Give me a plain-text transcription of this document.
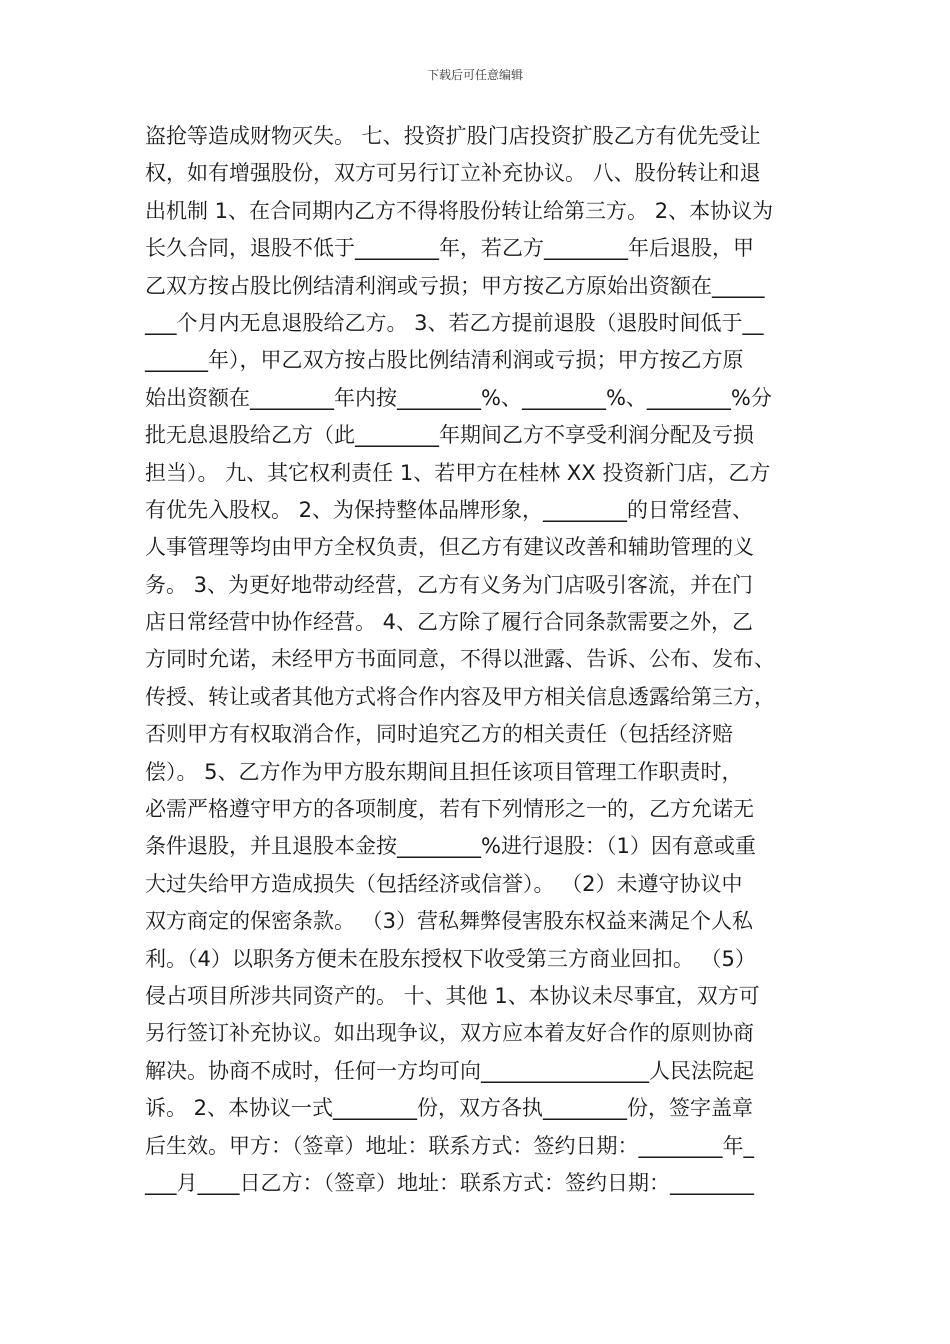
下载后可任意编辑
盗抢等造成财物灭失。 七、投资扩股门店投资扩股乙方有优先受让
权，如有增强股份，双方可另行订立补充协议。 八、股份转让和退
出机制 1、在合同期内乙方不得将股份转让给第三方。 2、本协议为
长久合同，退股不低于________年，若乙方________年后退股，甲
乙双方按占股比例结清利润或亏损；甲方按乙方原始出资额在_____
___个月内无息退股给乙方。 3、若乙方提前退股（退股时间低于__
______年），甲乙双方按占股比例结清利润或亏损；甲方按乙方原
始出资额在________年内按________%、________%、________%分
批无息退股给乙方（此________年期间乙方不享受利润分配及亏损
担当）。 九、其它权利责任 1、若甲方在桂林 XX 投资新门店，乙方
有优先入股权。 2、为保持整体品牌形象，________的日常经营、
人事管理等均由甲方全权负责，但乙方有建议改善和辅助管理的义
务。 3、为更好地带动经营，乙方有义务为门店吸引客流，并在门
店日常经营中协作经营。 4、乙方除了履行合同条款需要之外，乙
方同时允诺，未经甲方书面同意，不得以泄露、告诉、公布、发布、
传授、转让或者其他方式将合作内容及甲方相关信息透露给第三方，
否则甲方有权取消合作，同时追究乙方的相关责任（包括经济赔
偿）。 5、乙方作为甲方股东期间且担任该项目管理工作职责时，
必需严格遵守甲方的各项制度，若有下列情形之一的，乙方允诺无
条件退股，并且退股本金按________%进行退股：（1）因有意或重
大过失给甲方造成损失（包括经济或信誉）。 （2）未遵守协议中
双方商定的保密条款。 （3）营私舞弊侵害股东权益来满足个人私
利。（4）以职务方便未在股东授权下收受第三方商业回扣。 （5）
侵占项目所涉共同资产的。 十、其他 1、本协议未尽事宜，双方可
另行签订补充协议。如出现争议，双方应本着友好合作的原则协商
解决。协商不成时，任何一方均可向________________人民法院起
诉。 2、本协议一式________份，双方各执________份，签字盖章
后生效。甲方：（签章）地址：联系方式：签约日期：________年_
___月____日乙方：（签章）地址：联系方式：签约日期：________
